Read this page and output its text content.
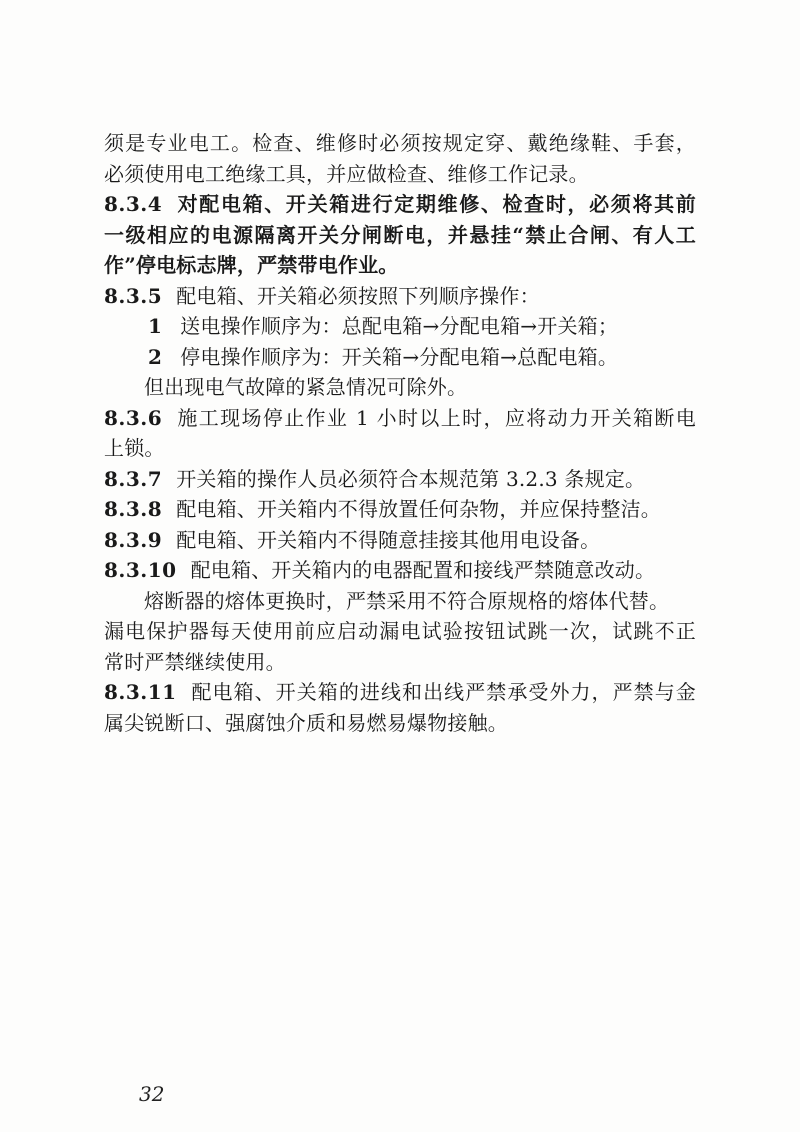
须是专业电工。检查、维修时必须按规定穿、戴绝缘鞋、手套，
必须使用电工绝缘工具，并应做检查、维修工作记录。
8.3.4 对配电箱、开关箱进行定期维修、检查时，必须将其前
一级相应的电源隔离开关分闸断电，并悬挂“禁止合闸、有人工
作”停电标志牌，严禁带电作业。
8.3.5 配电箱、开关箱必须按照下列顺序操作：
1 送电操作顺序为：总配电箱→分配电箱→开关箱；
2 停电操作顺序为：开关箱→分配电箱→总配电箱。
但出现电气故障的紧急情况可除外。
8.3.6 施工现场停止作业 1 小时以上时，应将动力开关箱断电
上锁。
8.3.7 开关箱的操作人员必须符合本规范第 3.2.3 条规定。
8.3.8 配电箱、开关箱内不得放置任何杂物，并应保持整洁。
8.3.9 配电箱、开关箱内不得随意挂接其他用电设备。
8.3.10 配电箱、开关箱内的电器配置和接线严禁随意改动。
熔断器的熔体更换时，严禁采用不符合原规格的熔体代替。
漏电保护器每天使用前应启动漏电试验按钮试跳一次，试跳不正
常时严禁继续使用。
8.3.11 配电箱、开关箱的进线和出线严禁承受外力，严禁与金
属尖锐断口、强腐蚀介质和易燃易爆物接触。
32
